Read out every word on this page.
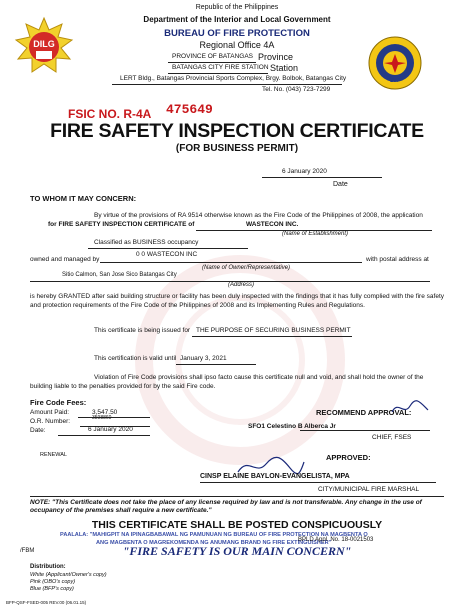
DILG
BFP
Republic of the Philippines
Department of the Interior and Local Government
BUREAU OF FIRE PROTECTION
Regional Office 4A
PROVINCE OF BATANGAS Province
BATANGAS CITY FIRE STATION Station
LERT Bldg., Batangas Provincial Sports Complex, Brgy. Bolbok, Batangas City
Tel. No. (043) 723-7299
FSIC NO. R-4A 475649
FIRE SAFETY INSPECTION CERTIFICATE
(FOR BUSINESS PERMIT)
6 January 2020
Date
TO WHOM IT MAY CONCERN:
By virtue of the provisions of RA 9514 otherwise known as the Fire Code of the Philippines of 2008, the application
for FIRE SAFETY INSPECTION CERTIFICATE of	WASTECON INC.
(Name of Establishment)
Classified as BUSINESS occupancy
owned and managed by
0 0 WASTECON INC
with postal address at
(Name of Owner/Representative)
Sitio Calmon, San Jose Sico Batangas City
(Address)
is hereby GRANTED after said building structure or facility has been duly inspected with the findings that it has fully complied with the fire safety and protection requirements of the Fire Code of the Philippines of 2008 and its Implementing Rules and Regulations.
This certificate is being issued for THE PURPOSE OF SECURING BUSINESS PERMIT
This certification is valid until January 3, 2021
Violation of Fire Code provisions shall ipso facto cause this certificate null and void, and shall hold the owner of the building liable to the penalties provided for by the said Fire code.
Fire Code Fees:
Amount Paid:	3,547.50
O.R. Number:	3598860
Date:	6 January 2020
RENEWAL
RECOMMEND APPROVAL:
SFO1 Celestino B Alberca Jr
CHIEF, FSES
APPROVED:
CINSP ELAINE BAYLON-EVANGELISTA, MPA
CITY/MUNICIPAL FIRE MARSHAL
NOTE: "This Certificate does not take the place of any license required by law and is not transferable. Any change in the use of occupancy of the premises shall require a new certificate."
THIS CERTIFICATE SHALL BE POSTED CONSPICUOUSLY
PAALALA: "MAHIGPIT NA IPINAGBABAWAL NG PAMUNUAN NG BUREAU OF FIRE PROTECTION NA MAGBENTA O
ANG MAGBENTA O MAGREKOMENDA NG ANUMANG BRAND NG FIRE EXTINGUISHER"
BPLD Appl. No. 18-0021503
"FIRE SAFETY IS OUR MAIN CONCERN"
/FBM
Distribution:
White (Applicant/Owner's copy)
Pink (OBO's copy)
Blue (BFP's copy)
BFP-QSF-FSED-005 REV.00 (06.01.15)
